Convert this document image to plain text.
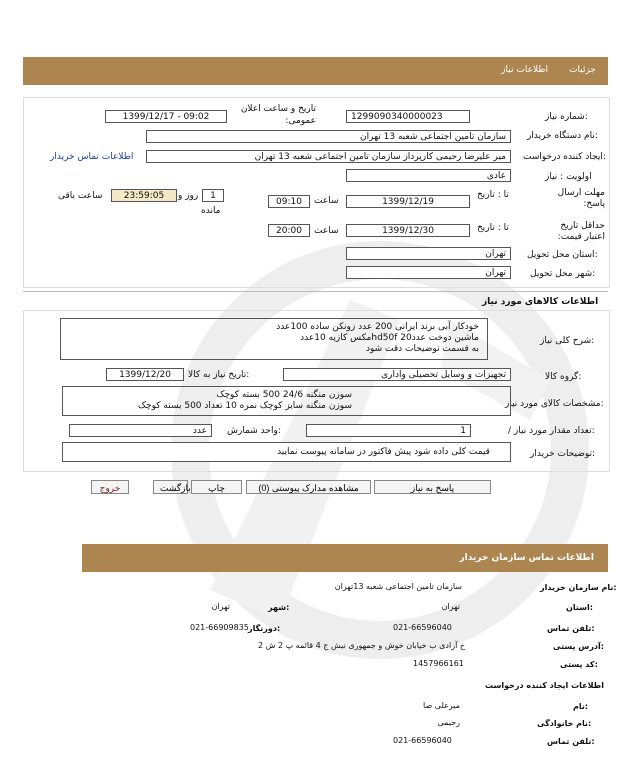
جزئیات
اطلاعات نیاز
شماره نیاز:
1299090340000023
تاریخ و ساعت اعلان عمومی:
1399/12/17 - 09:02
نام دستگاه خریدار:
سازمان تامین اجتماعی شعبه 13 تهران
ایجاد کننده درخواست:
میر علیرضا رحیمی کارپرداز سازمان تامین اجتماعی شعبه 13 تهران
اطلاعات تماس خریدار
اولویت : نیاز
عادی
مهلت ارسال پاسخ:
تا : تاریخ
1399/12/19
ساعت
09:10
1
روز و
23:59:05
ساعت باقی
مانده
حداقل تاریخ اعتبار قیمت:
تا : تاریخ
1399/12/30
ساعت
20:00
استان محل تحویل:
تهران
شهر محل تحویل:
تهران
اطلاعات کالاهای مورد نیاز
شرح کلی نیاز:
خودکار آبی برند ایرانی 200 عدد زونکن ساده 100عدد
ماشین دوخت عدد20 hd50fمکس کازیه 10عدد
به قسمت توضیحات دقت شود
گروه کالا:
تجهیزات و وسایل تحصیلی واداری
تاریخ نیاز به کالا:
1399/12/20
مشخصات کالای مورد نیاز:
سوزن منگنه 24/6 500 بسته کوچک
سوزن منگنه سایز کوچک نمره 10 تعداد 500 بسته کوچک
/ تعداد مقدار مورد نیاز:
1
واحد شمارش:
عدد
توضیحات خریدار:
قیمت کلی داده شود پیش فاکتور در سامانه پیوست نمایید
پاسخ به نیاز
مشاهده مدارک پیوستی (0)
چاپ
بازگشت
خروج
اطلاعات تماس سازمان خریدار
نام سازمان خریدار:
سازمان تامین اجتماعی شعبه 13تهران
استان:
تهران
شهر:
تهران
تلفن تماس:
021-66596040
دورنگار:
021-66909835
آدرس پستی:
خ آزادی ب خیابان خوش و جمهوری نبش ج 4 قائمه پ 2 ش 2
کد پستی:
1457966161
اطلاعات ایجاد کننده درخواست
نام:
میرعلی صا
نام خانوادگی:
رحیمی
تلفن تماس:
021-66596040
